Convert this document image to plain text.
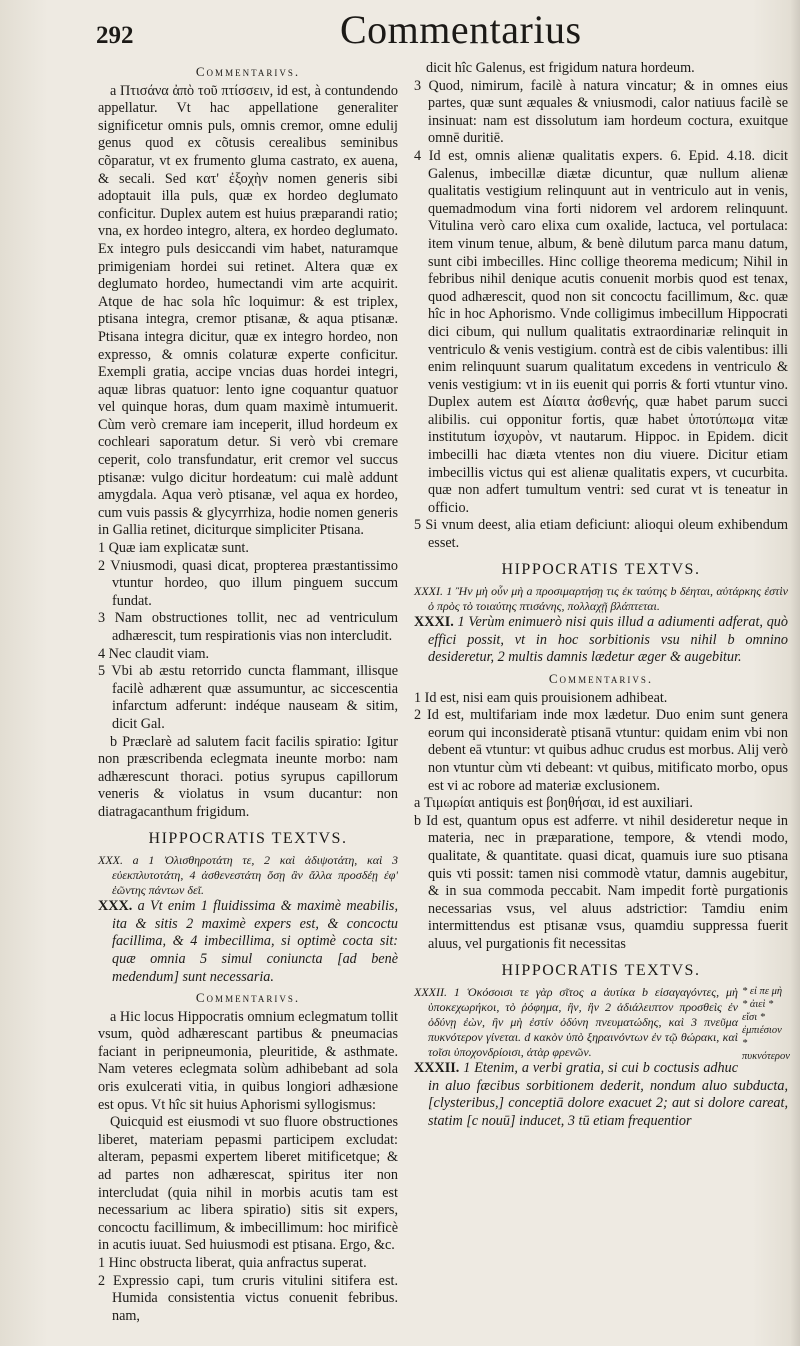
292	Commentarius

Commentarivs.

a Πτισάνα ἀπὸ τοῦ πτίσσειν, id est, à contundendo appellatur. Vt hac appellatione generaliter significetur omnis puls, omnis cremor, omne edulij genus quod ex cõtusis cerealibus seminibus cõparatur, vt ex frumento gluma castrato, ex auena, & secali. Sed κατ' ἐξοχὴν nomen generis sibi adoptauit illa puls, quæ ex hordeo deglumato conficitur. Duplex autem est huius præparandi ratio; vna, ex hordeo integro, altera, ex hordeo deglumato. Ex integro puls desiccandi vim habet, naturamque primigeniam hordei sui retinet. Altera quæ ex deglumato hordeo, humectandi vim arte acquirit. Atque de hac sola hîc loquimur: & est triplex, ptisana integra, cremor ptisanæ, & aqua ptisanæ. Ptisana integra dicitur, quæ ex integro hordeo, non expresso, & omnis colaturæ experte conficitur. Exempli gratia, accipe vncias duas hordei integri, aquæ libras quatuor: lento igne coquantur quatuor vel quinque horas, dum quam maximè intumuerit. Cùm verò cremare iam inceperit, illud hordeum ex cochleari saporatum detur. Si verò vbi cremare ceperit, colo transfundatur, erit cremor vel succus ptisanæ: vulgo dicitur hordeatum: cui malè addunt amygdala. Aqua verò ptisanæ, vel aqua ex hordeo, cum vuis passis & glycyrrhiza, hodie nomen generis in Gallia retinet, diciturque simpliciter Ptisana.

1 Quæ iam explicatæ sunt.

2 Vniusmodi, quasi dicat, propterea præstantissimo vtuntur hordeo, quo illum pinguem succum fundat.

3 Nam obstructiones tollit, nec ad ventriculum adhærescit, tum respirationis vias non intercludit.

4 Nec claudit viam.

5 Vbi ab æstu retorrido cuncta flammant, illisque facilè adhærent quæ assumuntur, ac siccescentia infarctum adferunt: indéque nauseam & sitim, dicit Gal.

b Præclarè ad salutem facit facilis spiratio: Igitur non præscribenda eclegmata ineunte morbo: nam adhærescunt thoraci. potius syrupus capillorum veneris & violatus in vsum ducantur: non diatragacanthum frigidum.

HIPPOCRATIS TEXTVS.

XXX. a 1 Ὀλισθηροτάτη τε, 2 καὶ ἀδιψοτάτη, καὶ 3 εὐεκπλυτοτάτη, 4 ἀσθενεστάτη ὅσῃ ἂν ἄλλα προσδέῃ ἐφ' ἑῶντης πάντων δεῖ.

XXX. a Vt enim 1 fluidissima & maximè meabilis, ita & sitis 2 maximè expers est, & concoctu facillima, & 4 imbecillima, si optimè cocta sit: quæ omnia 5 simul coniuncta [ad benè medendum] sunt necessaria.

Commentarivs.

a Hic locus Hippocratis omnium eclegmatum tollit vsum, quòd adhærescant partibus & pneumacias faciant in peripneumonia, pleuritide, & asthmate. Nam veteres eclegmata solùm adhibebant ad sola oris exulcerati vitia, in quibus longiori adhæsione est opus. Vt hîc sit huius Aphorismi syllogismus:

Quicquid est eiusmodi vt suo fluore obstructiones liberet, materiam pepasmi participem excludat: alteram, pepasmi expertem liberet mitificetque; & ad partes non adhærescat, spiritus iter non intercludat (quia nihil in morbis acutis tam est necessarium ac libera spiratio) sitis sit expers, concoctu facillimum, & imbecillimum: hoc mirificè in acutis iuuat. Sed huiusmodi est ptisana. Ergo, &c.

1 Hinc obstructa liberat, quia anfractus superat.

2 Expressio capi, tum cruris vitulini sitifera est. Humida consistentia victus conuenit febribus. nam,

dicit hîc Galenus, est frigidum natura hordeum.

3 Quod, nimirum, facilè à natura vincatur; & in omnes eius partes, quæ sunt æquales & vniusmodi, calor natiuus facilè se insinuat: nam est dissolutum iam hordeum coctura, exuitque omnē duritiē.

4 Id est, omnis alienæ qualitatis expers. 6. Epid. 4.18. dicit Galenus, imbecillæ diætæ dicuntur, quæ nullum alienæ qualitatis vestigium relinquunt aut in ventriculo aut in venis, quemadmodum vina forti nidorem vel ardorem relinquunt. Vitulina verò caro elixa cum oxalide, lactuca, vel portulaca: item vinum tenue, album, & benè dilutum parca manu datum, sunt cibi imbecilles. Hinc collige theorema medicum; Nihil in febribus nihil denique acutis conuenit morbis quod est tenax, quod adhærescit, quod non sit concoctu facillimum, &c. quæ hîc in hoc Aphorismo. Vnde colligimus imbecillum Hippocrati dici cibum, qui nullum qualitatis extraordinariæ relinquit in ventriculo & venis vestigium. contrà est de cibis valentibus: illi enim relinquunt suarum qualitatum excedens in ventriculo & venis vestigium: vt in iis euenit qui porris & forti vtuntur vino. Duplex autem est Δίαιτα ἀσθενής, quæ habet parum succi alibilis. cui opponitur fortis, quæ habet ὑποτύπωμα vitæ institutum ἰσχυρὸν, vt nautarum. Hippoc. in Epidem. dicit imbecilli hac diæta vtentes non diu viuere. Dicitur etiam imbecillis victus qui est alienæ qualitatis expers, vt cucurbita. quæ non adfert tumultum ventri: sed curat vt is teneatur in officio.

5 Si vnum deest, alia etiam deficiunt: alioqui oleum exhibendum esset.

HIPPOCRATIS TEXTVS.

XXXI. 1 Ἢν μὴ οὖν μὴ a προσιμαρτήσῃ τις ἐκ ταύτης b δέηται, αὐτάρκης ἐστὶν ὁ πρὸς τὸ τοιαύτης πτισάνης, πολλαχῇ βλάπτεται.

XXXI. 1 Verùm enimuerò nisi quis illud a adiumenti adferat, quò effici possit, vt in hoc sorbitionis vsu nihil b omnino desideretur, 2 multis damnis lædetur æger & augebitur.

Commentarivs.

1 Id est, nisi eam quis prouisionem adhibeat.

2 Id est, multifariam inde mox lædetur. Duo enim sunt genera eorum qui inconsideratè ptisanā vtuntur: quidam enim vbi non debent eā vtuntur: vt quibus adhuc crudus est morbus. Alij verò non vtuntur cùm vti debeant: vt quibus, mitificato morbo, opus est vi ac robore ad materiæ exclusionem.

a Τιμωρίαι antiquis est βοηθήσαι, id est auxiliari.

b Id est, quantum opus est adferre. vt nihil desideretur neque in materia, nec in præparatione, tempore, & vtendi modo, qualitate, & quantitate. quasi dicat, quamuis iure suo ptisana quis vti possit: tamen nisi commodè vtatur, damnis augebitur, & in sua commoda peccabit. Nam impedit fortè purgationis necessarias vsus, vel aluus adstrictior: Tamdiu enim intermittendus est ptisanæ vsus, quamdiu suppressa fuerit aluus, vel purgationis fit necessitas

HIPPOCRATIS TEXTVS.

* εἰ πε μὴ * ἀιεὶ * εἴσι * ἐμπιέσιον * πυκνότερον

XXXII. 1 Ὁκόσοισι τε γὰρ σῖτος a ἀυτίκα b εἰσαγαγόντες, μὴ ὑποκεχωρήκοι, τὸ ῥόφημα, ἢν, ἢν 2 ἀδιάλειπτον προσθεὶς ἐν ὀδύνῃ ἐὼν, ἢν μὴ ἐστίν ὀδύνη πνευματώδης, καὶ 3 πνεῦμα πυκνότερον γίνεται. d κακὸν ὑπὸ ξηραινόντων ἐν τῷ θώρακι, καὶ τοῖσι ὑποχονδρίοισι, ἀτὰρ φρενῶν.

XXXII. 1 Etenim, a verbi gratia, si cui b coctusis adhuc in aluo fæcibus sorbitionem dederit, nondum aluo subducta, [clysteribus,] conceptiā dolore exacuet 2; aut si dolore careat, statim [c nouū] inducet, 3 tū etiam frequentior
